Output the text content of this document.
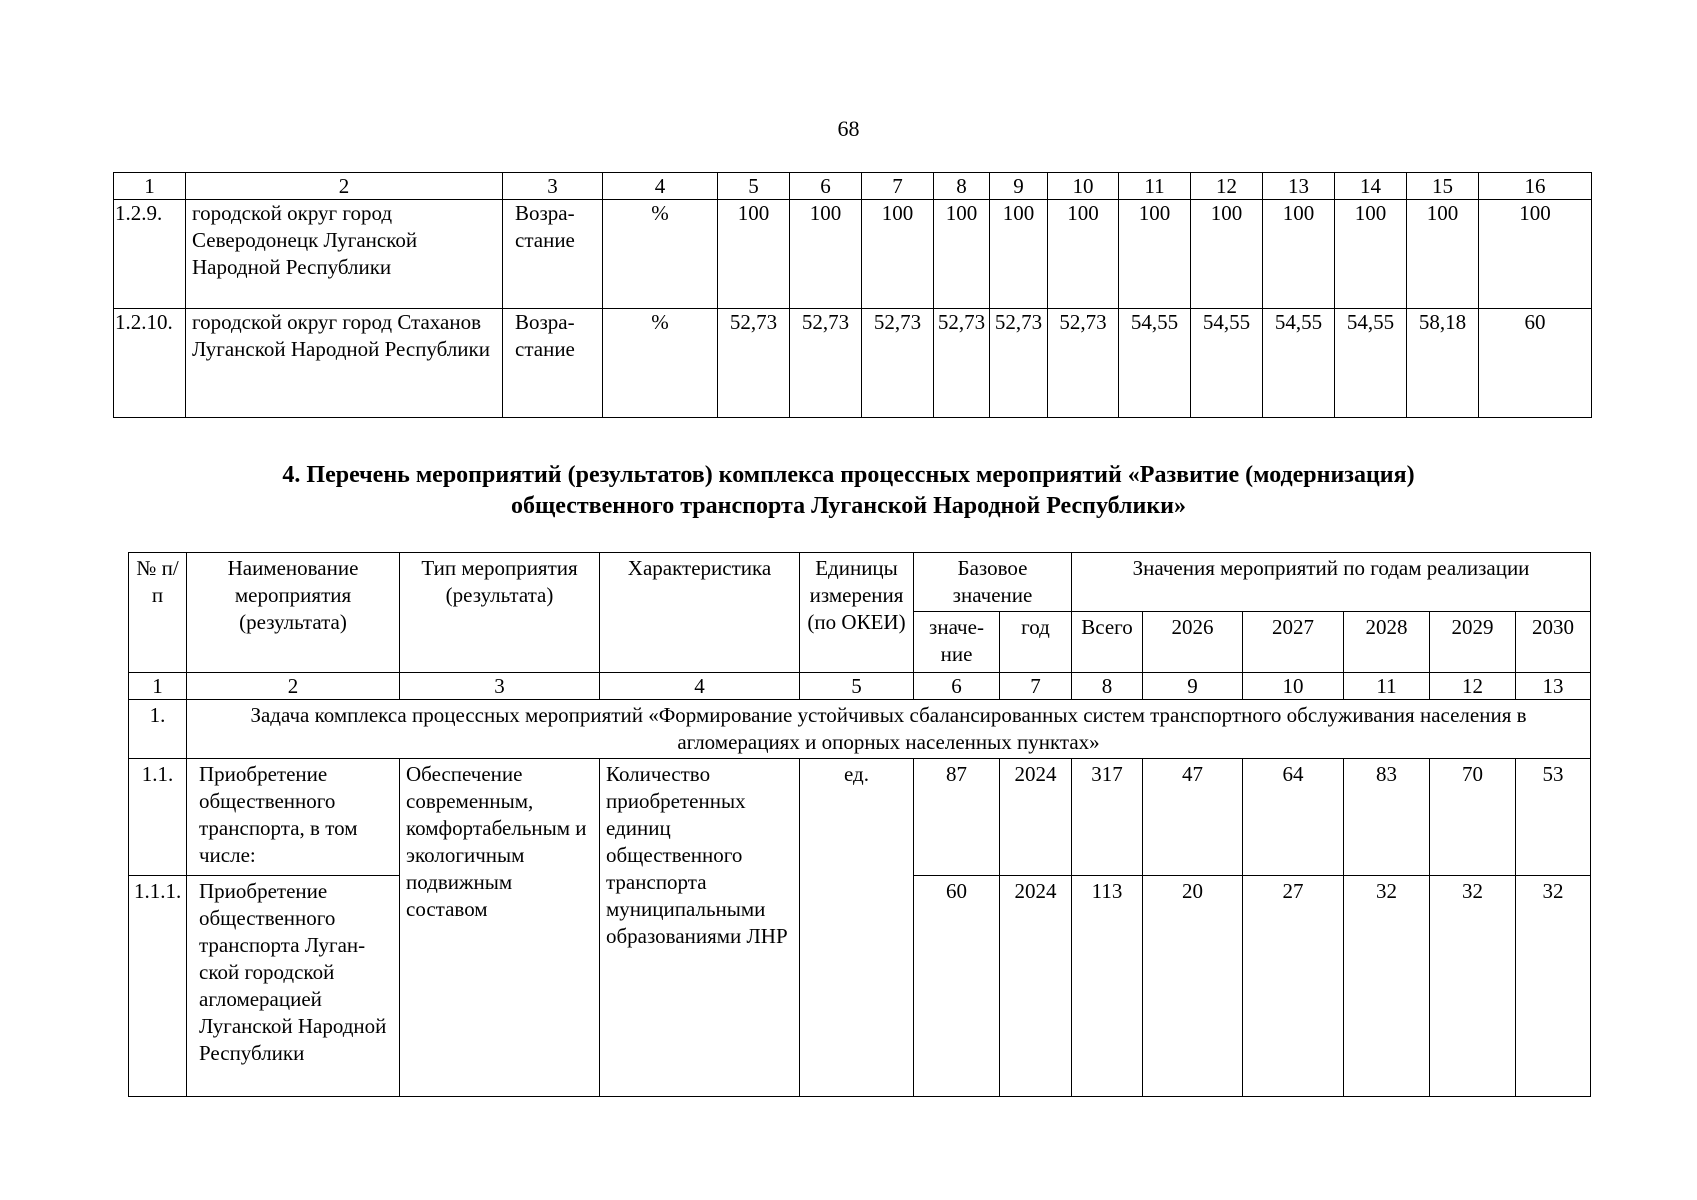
68
1	2	3	4	5	6	7	8	9	10	11	12	13	14	15	16
1.2.9.	городской округ город Северодонецк Луганской Народной Республики	Возра-стание	%	100	100	100	100	100	100	100	100	100	100	100	100
1.2.10.	городской округ город Стаханов Луганской Народной Республики	Возра-стание	%	52,73	52,73	52,73	52,73	52,73	52,73	54,55	54,55	54,55	54,55	58,18	60
4. Перечень мероприятий (результатов) комплекса процессных мероприятий «Развитие (модернизация)
общественного транспорта Луганской Народной Республики»
№ п/п	Наименование мероприятия (результата)	Тип мероприятия (результата)	Характеристика	Единицы измерения (по ОКЕИ)	Базовое значение		Значения мероприятий по годам реализации					
					значе-ние	год	Всего	2026	2027	2028	2029	2030
1	2	3	4	5	6	7	8	9	10	11	12	13
1.	Задача комплекса процессных мероприятий «Формирование устойчивых сбалансированных систем транспортного обслуживания населения в агломерациях и опорных населенных пунктах»											
1.1.	Приобретение общественного транспорта, в том числе:	Обеспечение современным, комфортабельным и экологичным подвижным составом	Количество приобретенных единиц общественного транспорта муниципальными образованиями ЛНР	ед.	87	2024	317	47	64	83	70	53
1.1.1.	Приобретение общественного транспорта Луган-ской городской агломерацией Луганской Народной Республики				60	2024	113	20	27	32	32	32
